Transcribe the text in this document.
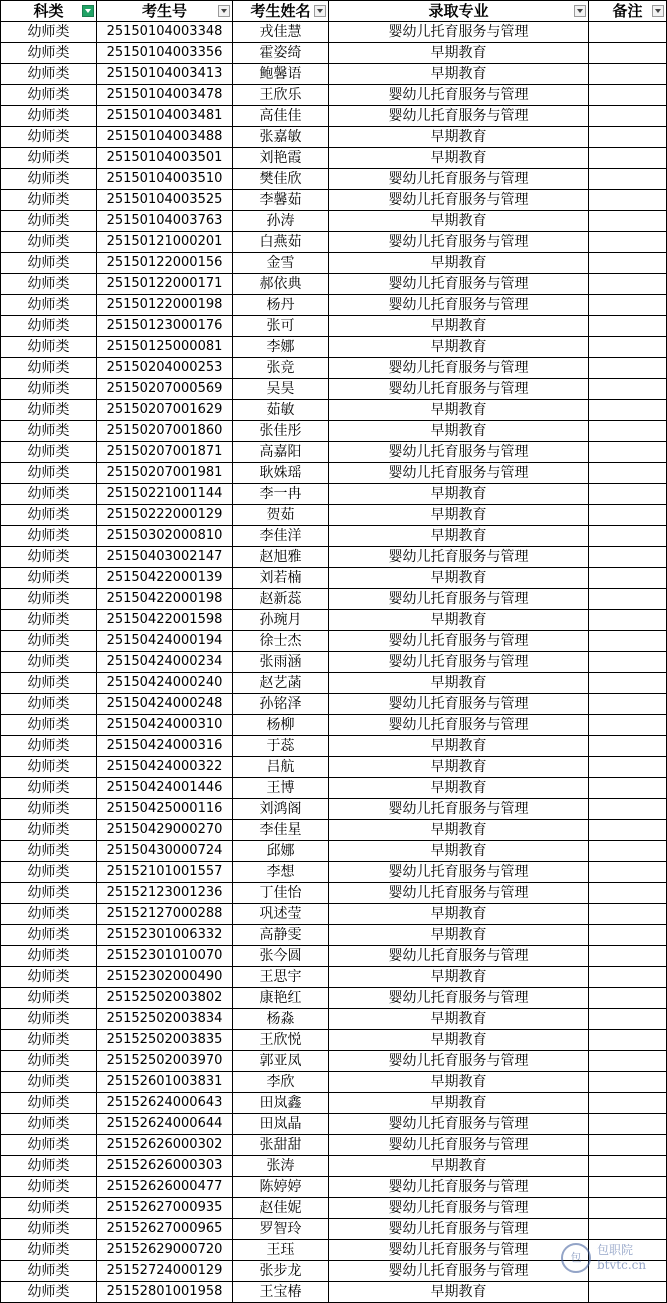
科类	考生号	考生姓名	录取专业	备注

幼师类	25150104003348	戎佳慧	婴幼儿托育服务与管理	
幼师类	25150104003356	霍姿绮	早期教育	
幼师类	25150104003413	鲍馨语	早期教育	
幼师类	25150104003478	王欣乐	婴幼儿托育服务与管理	
幼师类	25150104003481	高佳佳	婴幼儿托育服务与管理	
幼师类	25150104003488	张嘉敏	早期教育	
幼师类	25150104003501	刘艳霞	早期教育	
幼师类	25150104003510	樊佳欣	婴幼儿托育服务与管理	
幼师类	25150104003525	李馨茹	婴幼儿托育服务与管理	
幼师类	25150104003763	孙涛	早期教育	
幼师类	25150121000201	白燕茹	婴幼儿托育服务与管理	
幼师类	25150122000156	金雪	早期教育	
幼师类	25150122000171	郝依典	婴幼儿托育服务与管理	
幼师类	25150122000198	杨丹	婴幼儿托育服务与管理	
幼师类	25150123000176	张可	早期教育	
幼师类	25150125000081	李娜	早期教育	
幼师类	25150204000253	张竞	婴幼儿托育服务与管理	
幼师类	25150207000569	吴昊	婴幼儿托育服务与管理	
幼师类	25150207001629	茹敏	早期教育	
幼师类	25150207001860	张佳彤	早期教育	
幼师类	25150207001871	高嘉阳	婴幼儿托育服务与管理	
幼师类	25150207001981	耿姝瑶	婴幼儿托育服务与管理	
幼师类	25150221001144	李一冉	早期教育	
幼师类	25150222000129	贺茹	早期教育	
幼师类	25150302000810	李佳洋	早期教育	
幼师类	25150403002147	赵旭雅	婴幼儿托育服务与管理	
幼师类	25150422000139	刘若楠	早期教育	
幼师类	25150422000198	赵新蕊	婴幼儿托育服务与管理	
幼师类	25150422001598	孙琬月	早期教育	
幼师类	25150424000194	徐士杰	婴幼儿托育服务与管理	
幼师类	25150424000234	张雨涵	婴幼儿托育服务与管理	
幼师类	25150424000240	赵艺菡	早期教育	
幼师类	25150424000248	孙铭泽	婴幼儿托育服务与管理	
幼师类	25150424000310	杨柳	婴幼儿托育服务与管理	
幼师类	25150424000316	于蕊	早期教育	
幼师类	25150424000322	吕航	早期教育	
幼师类	25150424001446	王博	早期教育	
幼师类	25150425000116	刘鸿阁	婴幼儿托育服务与管理	
幼师类	25150429000270	李佳星	早期教育	
幼师类	25150430000724	邱娜	早期教育	
幼师类	25152101001557	李想	婴幼儿托育服务与管理	
幼师类	25152123001236	丁佳怡	婴幼儿托育服务与管理	
幼师类	25152127000288	巩述莹	早期教育	
幼师类	25152301006332	高静雯	早期教育	
幼师类	25152301010070	张今圆	婴幼儿托育服务与管理	
幼师类	25152302000490	王思宇	早期教育	
幼师类	25152502003802	康艳红	婴幼儿托育服务与管理	
幼师类	25152502003834	杨淼	早期教育	
幼师类	25152502003835	王欣悦	早期教育	
幼师类	25152502003970	郭亚凤	婴幼儿托育服务与管理	
幼师类	25152601003831	李欣	早期教育	
幼师类	25152624000643	田岚鑫	早期教育	
幼师类	25152624000644	田岚晶	婴幼儿托育服务与管理	
幼师类	25152626000302	张甜甜	婴幼儿托育服务与管理	
幼师类	25152626000303	张涛	早期教育	
幼师类	25152626000477	陈婷婷	婴幼儿托育服务与管理	
幼师类	25152627000935	赵佳妮	婴幼儿托育服务与管理	
幼师类	25152627000965	罗智玲	婴幼儿托育服务与管理	
幼师类	25152629000720	王珏	婴幼儿托育服务与管理	
幼师类	25152724000129	张步龙	婴幼儿托育服务与管理	
幼师类	25152801001958	王宝椿	早期教育	
包
包职院
btvtc.cn
